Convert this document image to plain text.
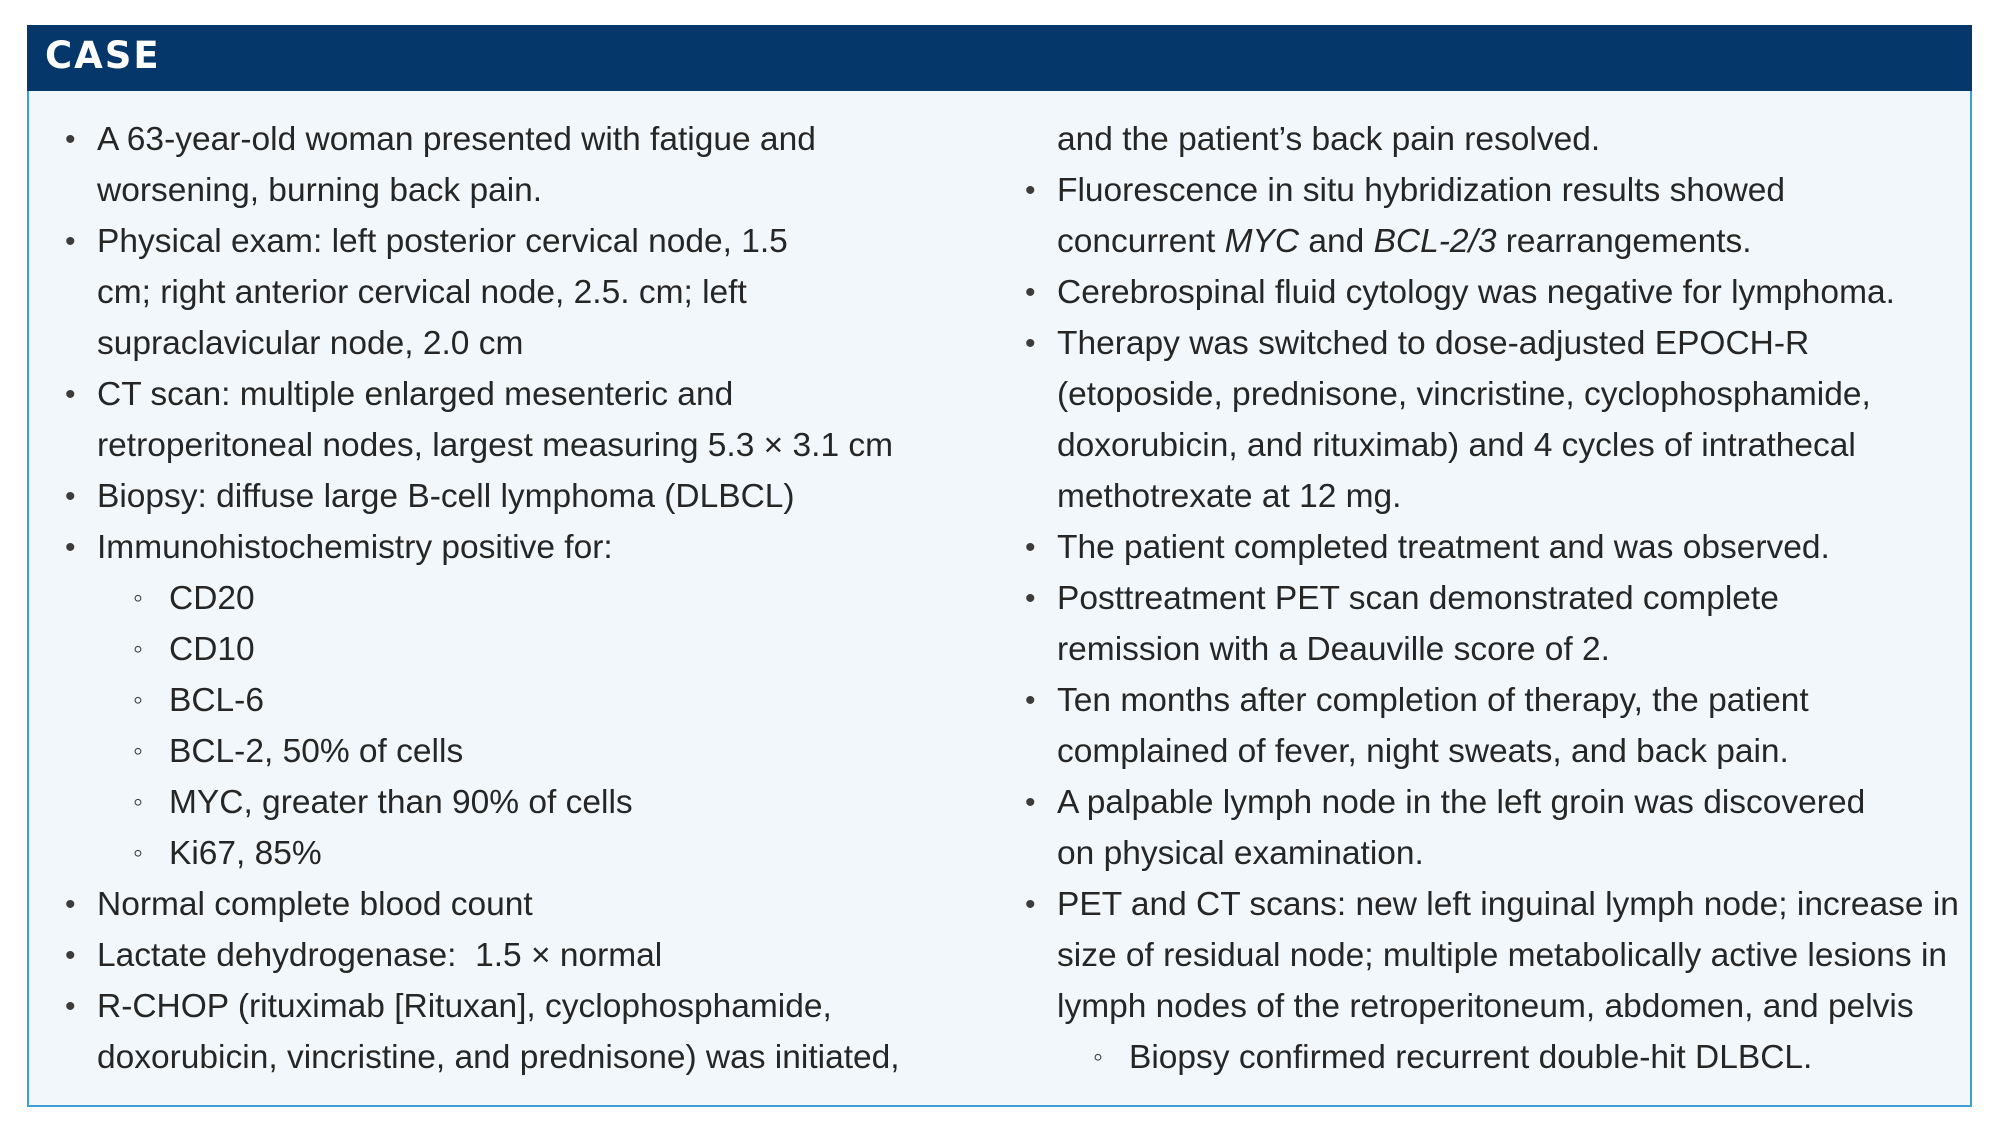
CASE
• A 63-year-old woman presented with fatigue and
worsening, burning back pain.
• Physical exam: left posterior cervical node, 1.5
cm; right anterior cervical node, 2.5. cm; left
supraclavicular node, 2.0 cm
• CT scan: multiple enlarged mesenteric and
retroperitoneal nodes, largest measuring 5.3 × 3.1 cm
• Biopsy: diffuse large B-cell lymphoma (DLBCL)
• Immunohistochemistry positive for:
◦ CD20
◦ CD10
◦ BCL-6
◦ BCL-2, 50% of cells
◦ MYC, greater than 90% of cells
◦ Ki67, 85%
• Normal complete blood count
• Lactate dehydrogenase:  1.5 × normal
• R-CHOP (rituximab [Rituxan], cyclophosphamide,
doxorubicin, vincristine, and prednisone) was initiated,
and the patient’s back pain resolved.
• Fluorescence in situ hybridization results showed
concurrent MYC and BCL-2/3 rearrangements.
• Cerebrospinal fluid cytology was negative for lymphoma.
• Therapy was switched to dose-adjusted EPOCH-R
(etoposide, prednisone, vincristine, cyclophosphamide,
doxorubicin, and rituximab) and 4 cycles of intrathecal
methotrexate at 12 mg.
• The patient completed treatment and was observed.
• Posttreatment PET scan demonstrated complete
remission with a Deauville score of 2.
• Ten months after completion of therapy, the patient
complained of fever, night sweats, and back pain.
• A palpable lymph node in the left groin was discovered
on physical examination.
• PET and CT scans: new left inguinal lymph node; increase in
size of residual node; multiple metabolically active lesions in
lymph nodes of the retroperitoneum, abdomen, and pelvis
◦ Biopsy confirmed recurrent double-hit DLBCL.
